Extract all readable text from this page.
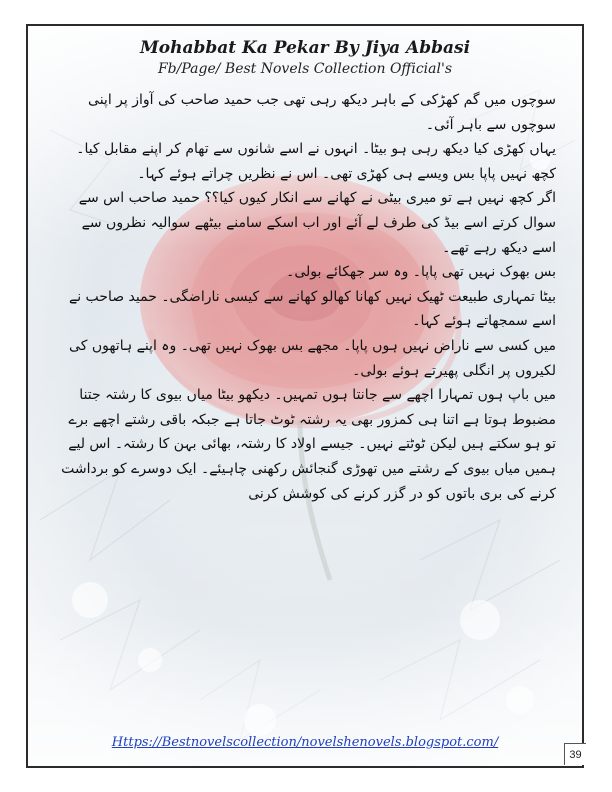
Mohabbat Ka Pekar By Jiya Abbasi
Fb/Page/ Best Novels Collection Official's

سوچوں میں گم کھڑکی کے باہر دیکھ رہی تھی جب حمید صاحب کی آواز پر اپنی سوچوں سے باہر آئی۔

یہاں کھڑی کیا دیکھ رہی ہو بیٹا۔ انہوں نے اسے شانوں سے تھام کر اپنے مقابل کیا۔

کچھ نہیں پاپا بس ویسے ہی کھڑی تھی۔ اس نے نظریں چراتے ہوئے کہا۔

اگر کچھ نہیں ہے تو میری بیٹی نے کھانے سے انکار کیوں کیا؟؟ حمید صاحب اس سے سوال کرتے اسے بیڈ کی طرف لے آئے اور اب اسکے سامنے بیٹھے سوالیہ نظروں سے اسے دیکھ رہے تھے۔

بس بھوک نہیں تھی پاپا۔ وہ سر جھکائے بولی۔

بیٹا تمہاری طبیعت ٹھیک نہیں کھانا کھالو کھانے سے کیسی ناراضگی۔ حمید صاحب نے اسے سمجھاتے ہوئے کہا۔

میں کسی سے ناراض نہیں ہوں پاپا۔ مجھے بس بھوک نہیں تھی۔ وہ اپنے ہاتھوں کی لکیروں پر انگلی پھیرتے ہوئے بولی۔

میں باپ ہوں تمہارا اچھے سے جانتا ہوں تمہیں۔ دیکھو بیٹا میاں بیوی کا رشتہ جتنا مضبوط ہوتا ہے اتنا ہی کمزور بھی یہ رشتہ ٹوٹ جاتا ہے جبکہ باقی رشتے اچھے برے تو ہو سکتے ہیں لیکن ٹوٹتے نہیں۔ جیسے اولاد کا رشتہ، بھائی بہن کا رشتہ۔ اس لیے ہمیں میاں بیوی کے رشتے میں تھوڑی گنجائش رکھنی چاہیئے۔ ایک دوسرے کو برداشت کرنے کی بری باتوں کو در گزر کرنے کی کوشش کرنی

Https://Bestnovelscollection/novelshenovels.blogspot.com/
39
